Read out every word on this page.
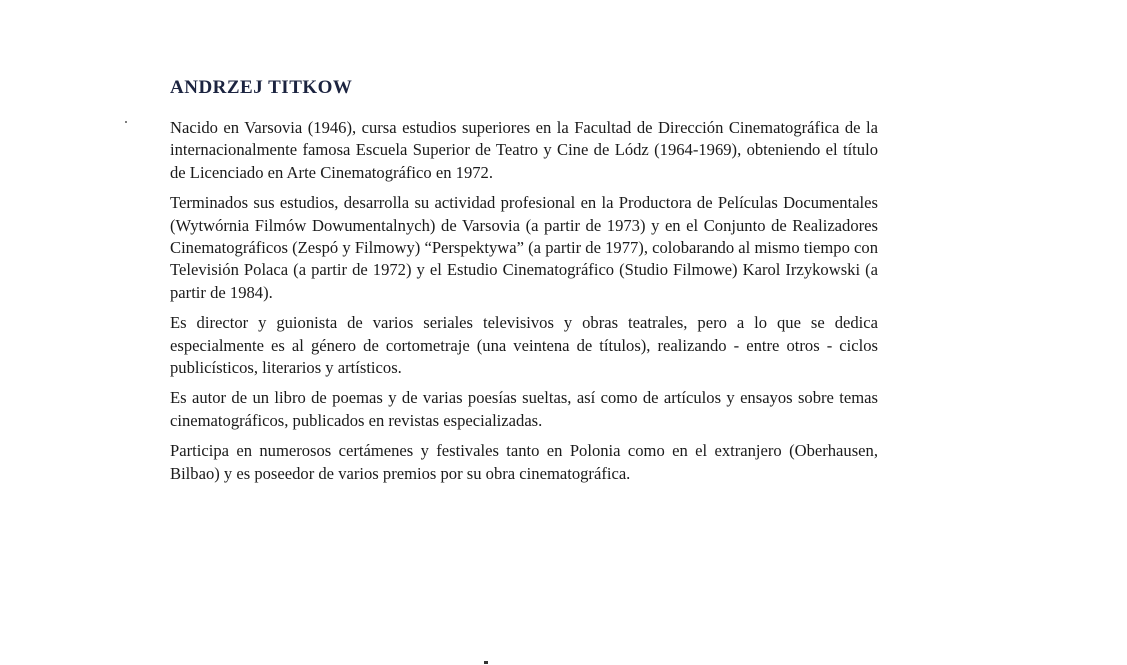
ANDRZEJ TITKOW

Nacido en Varsovia (1946), cursa estudios superiores en la Facultad de Dirección Cinematográfica de la internacionalmente famosa Escuela Superior de Teatro y Cine de Lódz (1964-1969), obteniendo el título de Licenciado en Arte Cinematográfico en 1972.

Terminados sus estudios, desarrolla su actividad profesional en la Productora de Películas Documentales (Wytwórnia Filmów Dowumentalnych) de Varsovia (a partir de 1973) y en el Conjunto de Realizadores Cinematográficos (Zespó y Filmowy) “Perspektywa” (a partir de 1977), colobarando al mismo tiempo con Televisión Polaca (a partir de 1972) y el Estudio Cinematográfico (Studio Filmowe) Karol Irzykowski (a partir de 1984).

Es director y guionista de varios seriales televisivos y obras teatrales, pero a lo que se dedica especialmente es al género de cortometraje (una veintena de títulos), realizando - entre otros - ciclos publicísticos, literarios y artísticos.

Es autor de un libro de poemas y de varias poesías sueltas, así como de artículos y ensayos sobre temas cinematográficos, publicados en revistas especializadas.

Participa en numerosos certámenes y festivales tanto en Polonia como en el extranjero (Oberhausen, Bilbao) y es poseedor de varios premios por su obra cinematográfica.
